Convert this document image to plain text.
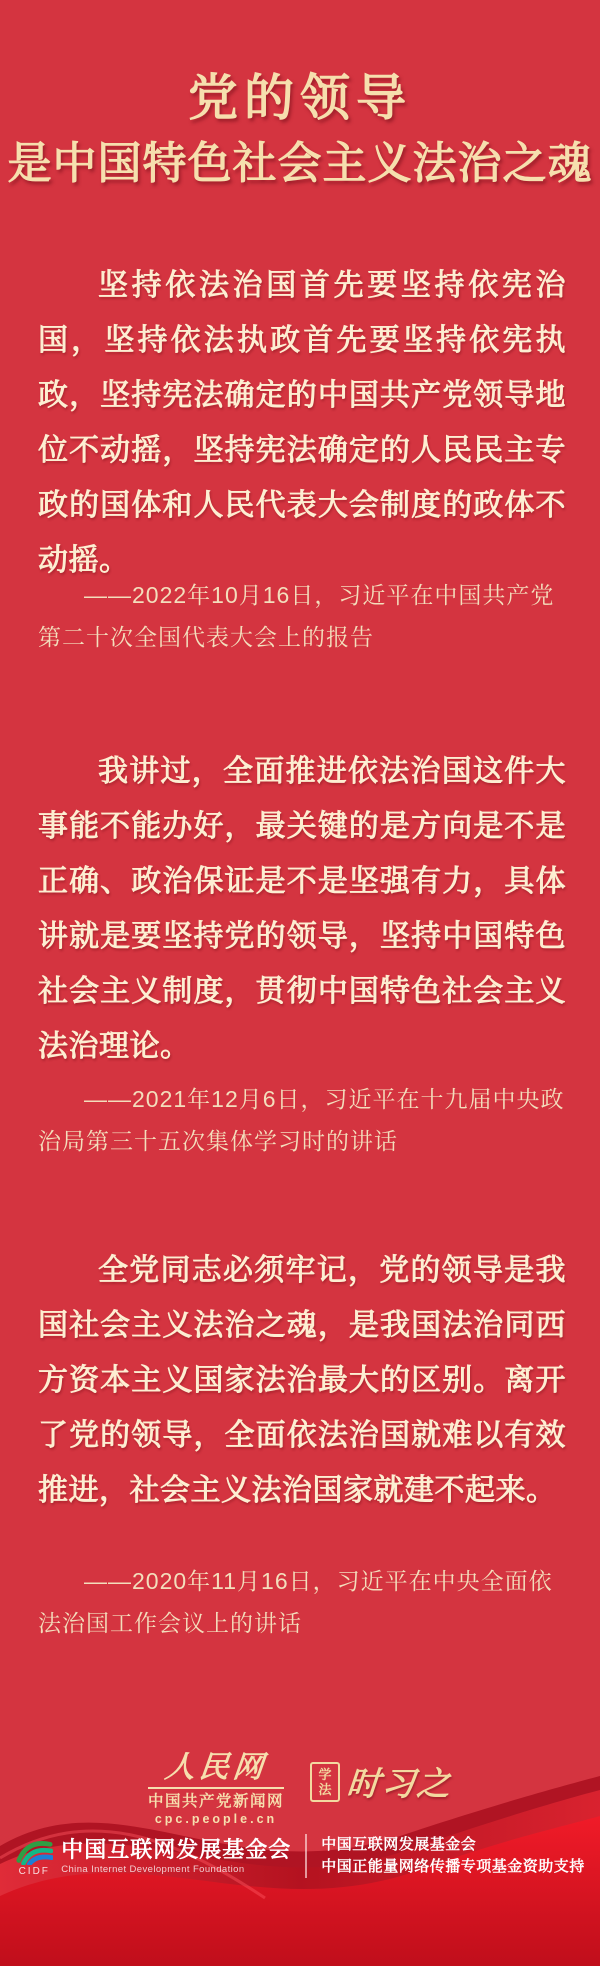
党的领导
是中国特色社会主义法治之魂
坚持依法治国首先要坚持依宪治国，坚持依法执政首先要坚持依宪执政，坚持宪法确定的中国共产党领导地位不动摇，坚持宪法确定的人民民主专政的国体和人民代表大会制度的政体不动摇。
——2022年10月16日，习近平在中国共产党第二十次全国代表大会上的报告
我讲过，全面推进依法治国这件大事能不能办好，最关键的是方向是不是正确、政治保证是不是坚强有力，具体讲就是要坚持党的领导，坚持中国特色社会主义制度，贯彻中国特色社会主义法治理论。
——2021年12月6日，习近平在十九届中央政治局第三十五次集体学习时的讲话
全党同志必须牢记，党的领导是我国社会主义法治之魂，是我国法治同西方资本主义国家法治最大的区别。离开了党的领导，全面依法治国就难以有效推进，社会主义法治国家就建不起来。
——2020年11月16日，习近平在中央全面依法治国工作会议上的讲话
人民网
中国共产党新闻网
cpc.people.cn
学
法 时习之
CIDF
中国互联网发展基金会
China Internet Development Foundation
中国互联网发展基金会
中国正能量网络传播专项基金资助支持
